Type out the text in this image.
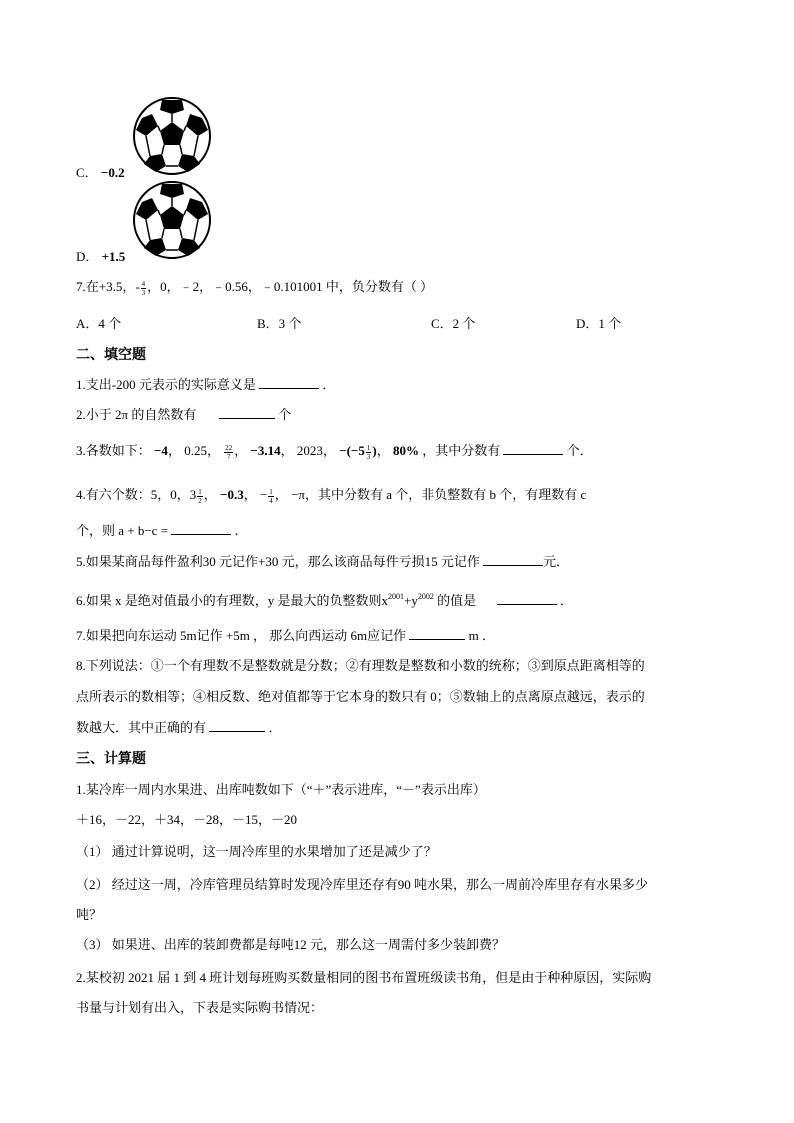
C． −0.2
D． +1.5
7.在+3.5，- $\frac{4}{3}$ ，0，﹣2，﹣0.56，﹣0.101001 中，负分数有（ ）
A．4 个	B．3 个	C．2 个	D．1 个
二、填空题
1.支出-200 元表示的实际意义是	．
2.小于 2π 的自然数有	个
3.各数如下： −4， 0.25， $\frac{22}{7}$ ， −3.14， 2023， $-(-5 \frac{1}{3}$ )， 80% ，其中分数有	个．
4.有六个数：5，0，$3 \frac{1}{2}$ ， −0.3， − $\frac{1}{4}$ ， −π，其中分数有 a 个，非负整数有 b 个，有理数有 c
个，则 a + b−c =	．
5.如果某商品每件盈利30 元记作+30 元，那么该商品每件亏损15 元记作	元．
6.如果 x 是绝对值最小的有理数，y 是最大的负整数则$x^{2001}+y^{2002}$ 的值是	．
7.如果把向东运动 5m记作 +5m ， 那么向西运动 6m应记作	m ．
8.下列说法：①一个有理数不是整数就是分数；②有理数是整数和小数的统称；③到原点距离相等的
点所表示的数相等；④相反数、绝对值都等于它本身的数只有 0；⑤数轴上的点离原点越远，表示的
数越大．其中正确的有	．
三、计算题
1.某冷库一周内水果进、出库吨数如下（“＋”表示进库，“－”表示出库）
＋16，－22，＋34，－28，－15，－20
（1） 通过计算说明，这一周冷库里的水果增加了还是减少了？
（2） 经过这一周，冷库管理员结算时发现冷库里还存有90 吨水果，那么一周前冷库里存有水果多少
吨？
（3） 如果进、出库的装卸费都是每吨12 元，那么这一周需付多少装卸费？
2.某校初 2021 届 1 到 4 班计划每班购买数量相同的图书布置班级读书角，但是由于种种原因，实际购
书量与计划有出入，下表是实际购书情况：
